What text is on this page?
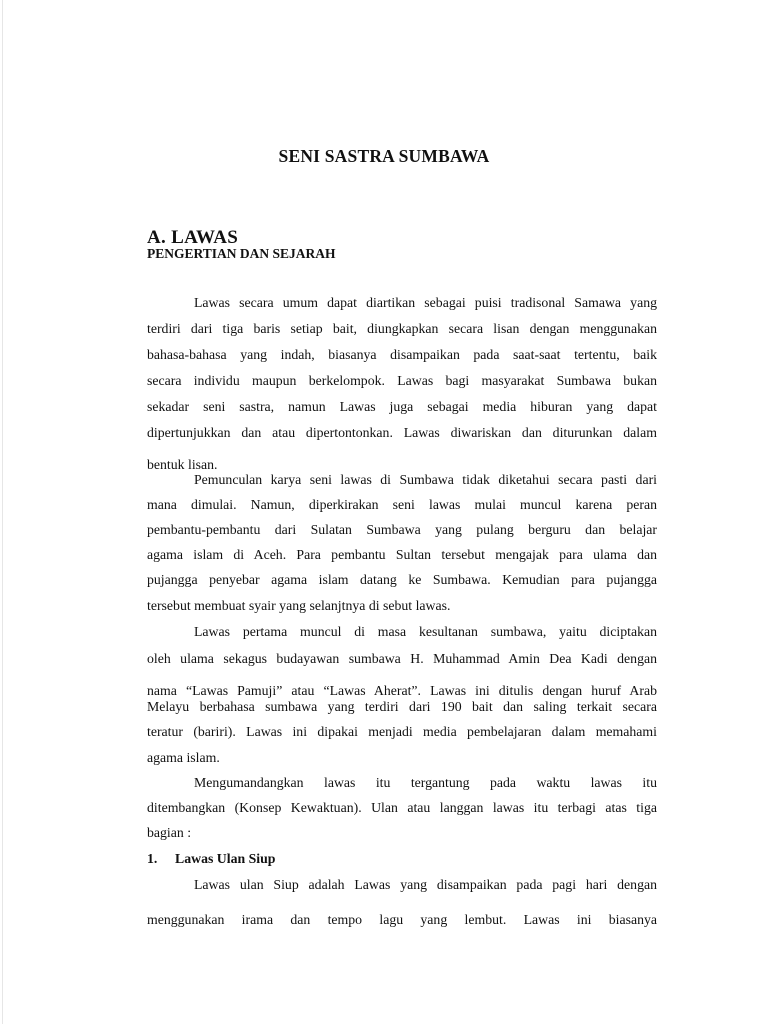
SENI SASTRA SUMBAWA
A. LAWAS
PENGERTIAN DAN SEJARAH
Lawas secara umum dapat diartikan sebagai puisi tradisonal Samawa yang
terdiri dari tiga baris setiap bait, diungkapkan secara lisan dengan menggunakan
bahasa-bahasa yang indah, biasanya disampaikan pada saat-saat tertentu, baik
secara individu maupun berkelompok. Lawas bagi masyarakat Sumbawa bukan
sekadar seni sastra, namun Lawas juga sebagai media hiburan yang dapat
dipertunjukkan dan atau dipertontonkan. Lawas diwariskan dan diturunkan dalam
bentuk lisan.
Pemunculan karya seni lawas di Sumbawa tidak diketahui secara pasti dari
mana dimulai. Namun, diperkirakan seni lawas mulai muncul karena peran
pembantu-pembantu dari Sulatan Sumbawa yang pulang berguru dan belajar
agama islam di Aceh. Para pembantu Sultan tersebut mengajak para ulama dan
pujangga penyebar agama islam datang ke Sumbawa. Kemudian para pujangga
tersebut membuat syair yang selanjtnya di sebut lawas.
Lawas pertama muncul di masa kesultanan sumbawa, yaitu diciptakan
oleh ulama sekagus budayawan sumbawa H. Muhammad Amin Dea Kadi dengan
nama “Lawas Pamuji” atau “Lawas Aherat”. Lawas ini ditulis dengan huruf Arab
Melayu berbahasa sumbawa yang terdiri dari 190 bait dan saling terkait secara
teratur (bariri). Lawas ini dipakai menjadi media pembelajaran dalam memahami
agama islam.
Mengumandangkan lawas itu tergantung pada waktu lawas itu
ditembangkan (Konsep Kewaktuan). Ulan atau langgan lawas itu terbagi atas tiga
bagian :
1. Lawas Ulan Siup
Lawas ulan Siup adalah Lawas yang disampaikan pada pagi hari dengan
menggunakan irama dan tempo lagu yang lembut. Lawas ini biasanya
